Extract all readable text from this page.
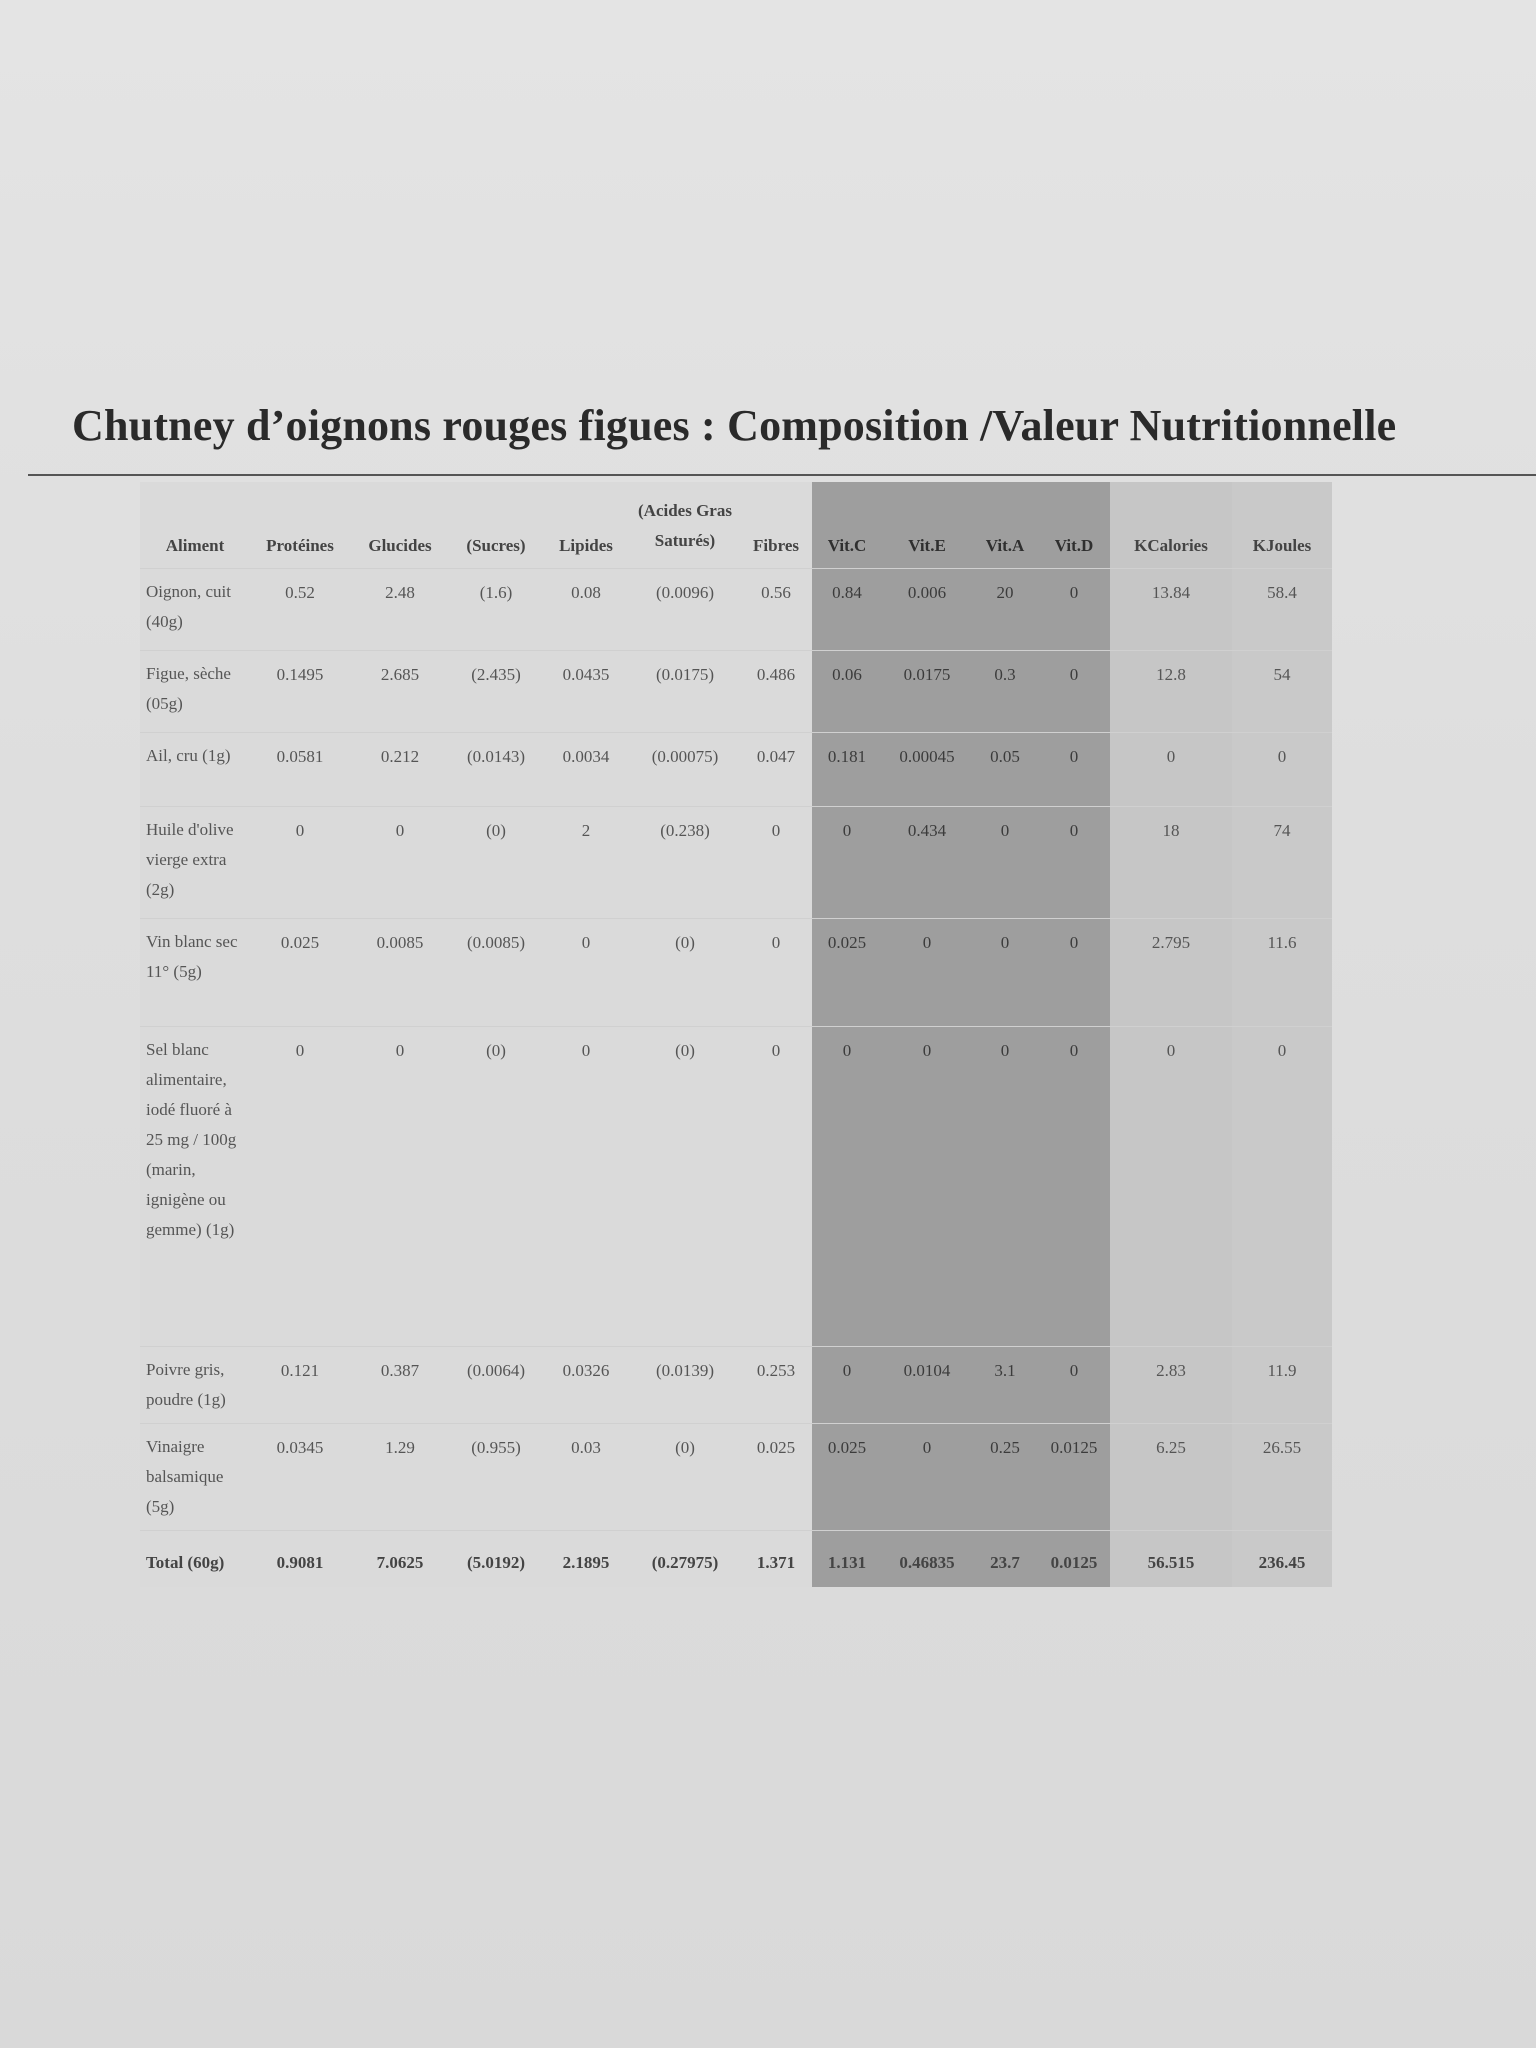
Chutney d’oignons rouges figues : Composition /Valeur Nutritionnelle
Aliment	Protéines	Glucides	(Sucres)	Lipides	(Acides Gras Saturés)	Fibres	Vit.C	Vit.E	Vit.A	Vit.D	KCalories	KJoules
Oignon, cuit (40g)	0.52	2.48	(1.6)	0.08	(0.0096)	0.56	0.84	0.006	20	0	13.84	58.4
Figue, sèche (05g)	0.1495	2.685	(2.435)	0.0435	(0.0175)	0.486	0.06	0.0175	0.3	0	12.8	54
Ail, cru (1g)	0.0581	0.212	(0.0143)	0.0034	(0.00075)	0.047	0.181	0.00045	0.05	0	0	0
Huile d'olive vierge extra (2g)	0	0	(0)	2	(0.238)	0	0	0.434	0	0	18	74
Vin blanc sec 11° (5g)	0.025	0.0085	(0.0085)	0	(0)	0	0.025	0	0	0	2.795	11.6
Sel blanc alimentaire, iodé fluoré à 25 mg / 100g (marin, ignigène ou gemme) (1g)	0	0	(0)	0	(0)	0	0	0	0	0	0	0
Poivre gris, poudre (1g)	0.121	0.387	(0.0064)	0.0326	(0.0139)	0.253	0	0.0104	3.1	0	2.83	11.9
Vinaigre balsamique (5g)	0.0345	1.29	(0.955)	0.03	(0)	0.025	0.025	0	0.25	0.0125	6.25	26.55
Total (60g)	0.9081	7.0625	(5.0192)	2.1895	(0.27975)	1.371	1.131	0.46835	23.7	0.0125	56.515	236.45
